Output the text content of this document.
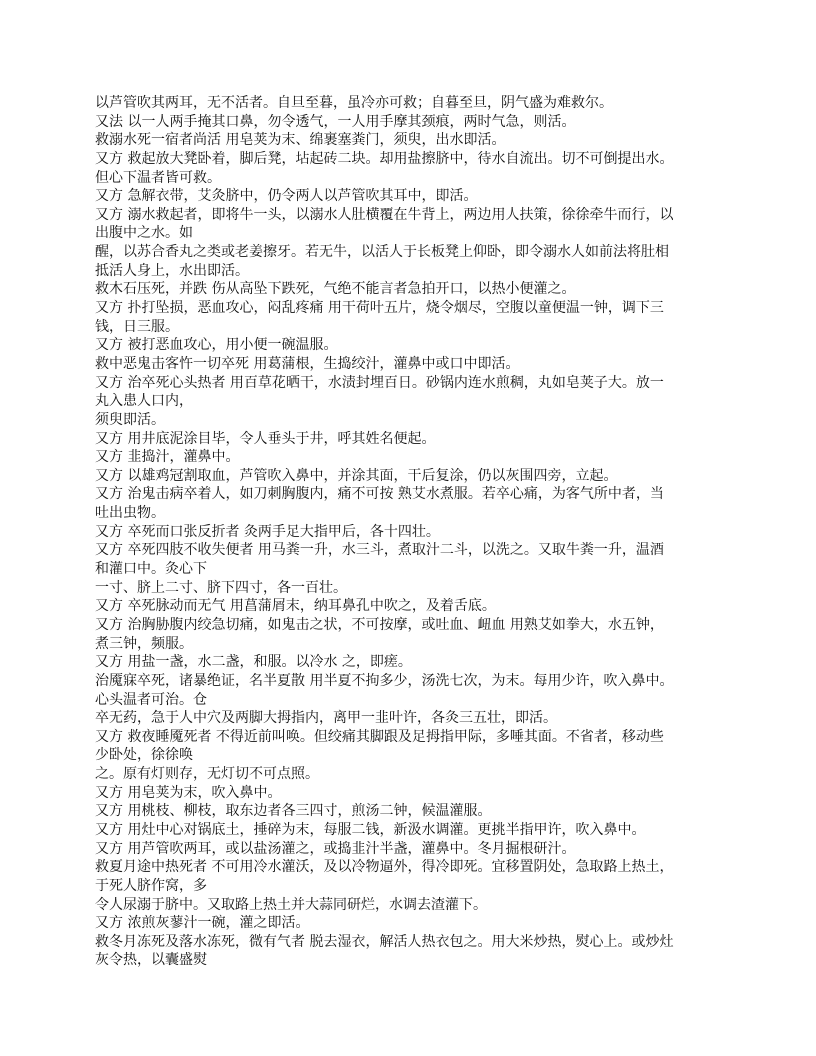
以芦管吹其两耳，无不活者。自旦至暮，虽冷亦可救；自暮至旦，阴气盛为难救尔。
又法 以一人两手掩其口鼻，勿令透气，一人用手摩其颈痕，两时气急，则活。
救溺水死一宿者尚活 用皂荚为末、绵裹塞粪门，须臾，出水即活。
又方 救起放大凳卧着，脚后凳，坫起砖二块。却用盐擦脐中，待水自流出。切不可倒提出水。
但心下温者皆可救。
又方 急解衣带，艾灸脐中，仍令两人以芦管吹其耳中，即活。
又方 溺水救起者，即将牛一头，以溺水人肚横覆在牛背上，两边用人扶策，徐徐牵牛而行，以
出腹中之水。如
醒，以苏合香丸之类或老姜擦牙。若无牛，以活人于长板凳上仰卧，即令溺水人如前法将肚相
抵活人身上，水出即活。
救木石压死，并跌 伤从高坠下跌死，气绝不能言者急拍开口，以热小便灌之。
又方 扑打坠损，恶血攻心，闷乱疼痛 用干荷叶五片，烧令烟尽，空腹以童便温一钟，调下三
钱，日三服。
又方 被打恶血攻心，用小便一碗温服。
救中恶鬼击客忤一切卒死 用葛蒲根，生捣绞汁，灌鼻中或口中即活。
又方 治卒死心头热者 用百草花晒干，水渍封埋百日。砂锅内连水煎稠，丸如皂荚子大。放一
丸入患人口内，
须臾即活。
又方 用井底泥涂目毕，令人垂头于井，呼其姓名便起。
又方 韭捣汁，灌鼻中。
又方 以雄鸡冠割取血，芦管吹入鼻中，并涂其面，干后复涂，仍以灰围四旁，立起。
又方 治鬼击病卒着人，如刀刺胸腹内，痛不可按 熟艾水煮服。若卒心痛，为客气所中者，当
吐出虫物。
又方 卒死而口张反折者 灸两手足大指甲后，各十四壮。
又方 卒死四肢不收失便者 用马粪一升，水三斗，煮取汁二斗，以洗之。又取牛粪一升，温酒
和灌口中。灸心下
一寸、脐上二寸、脐下四寸，各一百壮。
又方 卒死脉动而无气 用菖蒲屑末，纳耳鼻孔中吹之，及着舌底。
又方 治胸胁腹内绞急切痛，如鬼击之状，不可按摩，或吐血、衄血 用熟艾如拳大，水五钟，
煮三钟，频服。
又方 用盐一盏，水二盏，和服。以冷水 之，即瘥。
治魇寐卒死，诸暴绝证，名半夏散 用半夏不拘多少，汤洗七次，为末。每用少许，吹入鼻中。
心头温者可治。仓
卒无药，急于人中穴及两脚大拇指内，离甲一韭叶许，各灸三五壮，即活。
又方 救夜睡魇死者 不得近前叫唤。但绞痛其脚跟及足拇指甲际，多唾其面。不省者，移动些
少卧处，徐徐唤
之。原有灯则存，无灯切不可点照。
又方 用皂荚为末，吹入鼻中。
又方 用桃枝、柳枝，取东边者各三四寸，煎汤二钟，候温灌服。
又方 用灶中心对锅底土，捶碎为末，每服二钱，新汲水调灌。更挑半指甲许，吹入鼻中。
又方 用芦管吹两耳，或以盐汤灌之，或捣韭汁半盏，灌鼻中。冬月掘根研汁。
救夏月途中热死者 不可用冷水灌沃，及以冷物逼外，得冷即死。宜移置阴处，急取路上热土，
于死人脐作窝，多
令人尿溺于脐中。又取路上热土并大蒜同研烂，水调去渣灌下。
又方 浓煎灰蓼汁一碗，灌之即活。
救冬月冻死及落水冻死，微有气者 脱去湿衣，解活人热衣包之。用大米炒热，熨心上。或炒灶
灰令热，以囊盛熨
